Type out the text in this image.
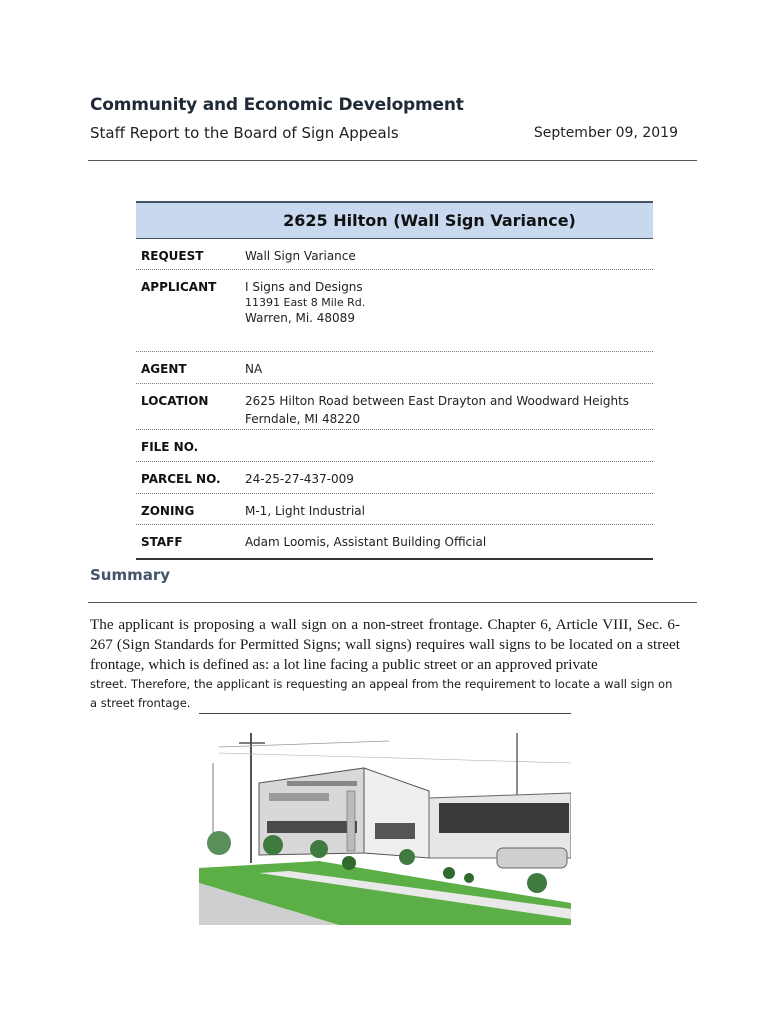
Community and Economic Development
Staff Report to the Board of Sign Appeals	September 09, 2019
2625 Hilton (Wall Sign Variance)
REQUEST	Wall Sign Variance
APPLICANT I Signs and Designs
11391 East 8 Mile Rd.
Warren, Mi. 48089
AGENT	NA
LOCATION	2625 Hilton Road between East Drayton and Woodward Heights
Ferndale, MI 48220
FILE NO.
PARCEL NO. 24-25-27-437-009
ZONING	M-1, Light Industrial
STAFF	Adam Loomis, Assistant Building Official
Summary

The applicant is proposing a wall sign on a non-street frontage. Chapter 6, Article VIII, Sec. 6-267 (Sign Standards for Permitted Signs; wall signs) requires wall signs to be located on a street frontage, which is defined as: a lot line facing a public street or an approved private

street. Therefore, the applicant is requesting an appeal from the requirement to locate a wall sign on a street frontage.
